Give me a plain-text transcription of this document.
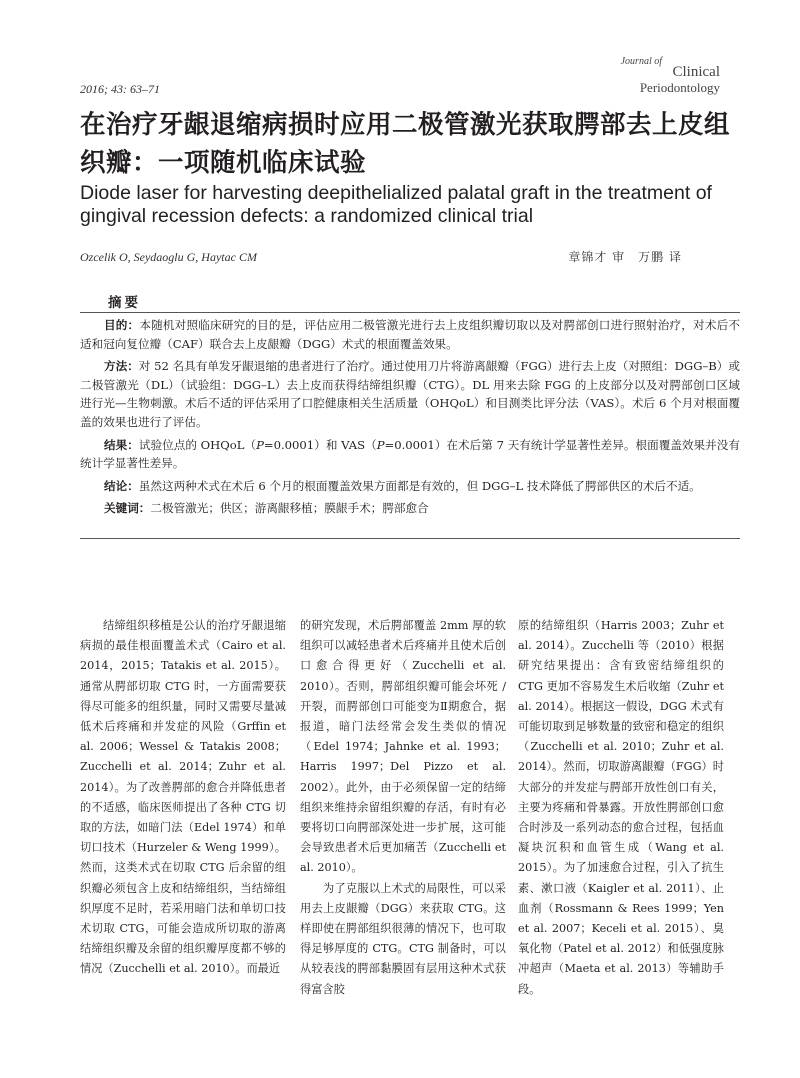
2016; 43: 63–71
Journal of
Clinical
Periodontology
在治疗牙龈退缩病损时应用二极管激光获取腭部去上皮组织瓣：一项随机临床试验
Diode laser for harvesting deepithelialized palatal graft in the treatment of gingival recession defects: a randomized clinical trial
Ozcelik O, Seydaoglu G, Haytac CM	章锦才 审　万鹏 译
摘要

目的：本随机对照临床研究的目的是，评估应用二极管激光进行去上皮组织瓣切取以及对腭部创口进行照射治疗，对术后不适和冠向复位瓣（CAF）联合去上皮龈瓣（DGG）术式的根面覆盖效果。

方法：对 52 名具有单发牙龈退缩的患者进行了治疗。通过使用刀片将游离龈瓣（FGG）进行去上皮（对照组：DGG–B）或二极管激光（DL）（试验组：DGG–L）去上皮而获得结缔组织瓣（CTG）。DL 用来去除 FGG 的上皮部分以及对腭部创口区域进行光—生物刺激。术后不适的评估采用了口腔健康相关生活质量（OHQoL）和目测类比评分法（VAS）。术后 6 个月对根面覆盖的效果也进行了评估。

结果：试验位点的 OHQoL（P=0.0001）和 VAS（P=0.0001）在术后第 7 天有统计学显著性差异。根面覆盖效果并没有统计学显著性差异。

结论：虽然这两种术式在术后 6 个月的根面覆盖效果方面都是有效的，但 DGG–L 技术降低了腭部供区的术后不适。

关键词：二极管激光；供区；游离龈移植；膜龈手术；腭部愈合

结缔组织移植是公认的治疗牙龈退缩病损的最佳根面覆盖术式（Cairo et al. 2014，2015；Tatakis et al. 2015）。通常从腭部切取 CTG 时，一方面需要获得尽可能多的组织量，同时又需要尽量减低术后疼痛和并发症的风险（Grffin et al. 2006；Wessel & Tatakis 2008；Zucchelli et al. 2014；Zuhr et al. 2014）。为了改善腭部的愈合并降低患者的不适感，临床医师提出了各种 CTG 切取的方法，如暗门法（Edel 1974）和单切口技术（Hurzeler & Weng 1999）。然而，这类术式在切取 CTG 后余留的组织瓣必须包含上皮和结缔组织，当结缔组织厚度不足时，若采用暗门法和单切口技术切取 CTG，可能会造成所切取的游离结缔组织瓣及余留的组织瓣厚度都不够的情况（Zucchelli et al. 2010）。而最近

的研究发现，术后腭部覆盖 2mm 厚的软组织可以减轻患者术后疼痛并且使术后创口愈合得更好（Zucchelli et al. 2010）。否则，腭部组织瓣可能会坏死 / 开裂，而腭部创口可能变为Ⅱ期愈合，据报道，暗门法经常会发生类似的情况（Edel 1974；Jahnke et al. 1993；Harris 1997；Del Pizzo et al. 2002）。此外，由于必须保留一定的结缔组织来维持余留组织瓣的存活，有时有必要将切口向腭部深处进一步扩展，这可能会导致患者术后更加痛苦（Zucchelli et al. 2010）。

为了克服以上术式的局限性，可以采用去上皮龈瓣（DGG）来获取 CTG。这样即使在腭部组织很薄的情况下，也可取得足够厚度的 CTG。CTG 制备时，可以从较表浅的腭部黏膜固有层用这种术式获得富含胶

原的结缔组织（Harris 2003；Zuhr et al. 2014）。Zucchelli 等（2010）根据研究结果提出：含有致密结缔组织的 CTG 更加不容易发生术后收缩（Zuhr et al. 2014）。根据这一假设，DGG 术式有可能切取到足够数量的致密和稳定的组织（Zucchelli et al. 2010；Zuhr et al. 2014）。然而，切取游离龈瓣（FGG）时大部分的并发症与腭部开放性创口有关，主要为疼痛和骨暴露。开放性腭部创口愈合时涉及一系列动态的愈合过程，包括血凝块沉积和血管生成（Wang et al. 2015）。为了加速愈合过程，引入了抗生素、漱口液（Kaigler et al. 2011）、止血剂（Rossmann & Rees 1999；Yen et al. 2007；Keceli et al. 2015）、臭氧化物（Patel et al. 2012）和低强度脉冲超声（Maeta et al. 2013）等辅助手段。
